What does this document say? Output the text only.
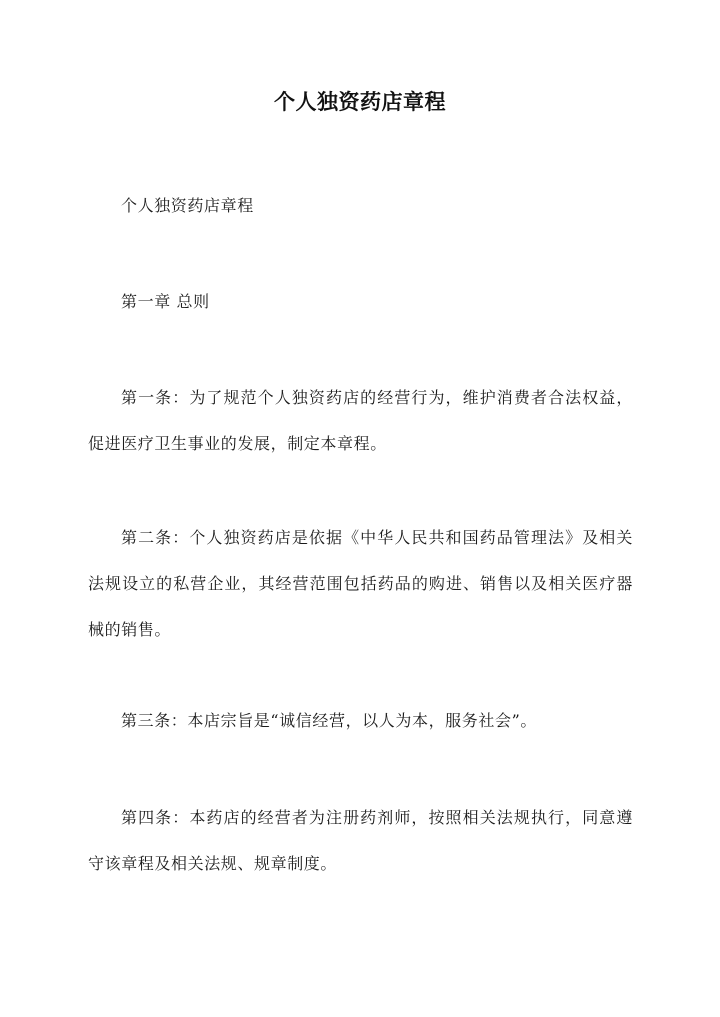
个人独资药店章程

个人独资药店章程

第一章 总则

第一条：为了规范个人独资药店的经营行为，维护消费者合法权益，促进医疗卫生事业的发展，制定本章程。

第二条：个人独资药店是依据《中华人民共和国药品管理法》及相关法规设立的私营企业，其经营范围包括药品的购进、销售以及相关医疗器械的销售。

第三条：本店宗旨是“诚信经营，以人为本，服务社会”。

第四条：本药店的经营者为注册药剂师，按照相关法规执行，同意遵守该章程及相关法规、规章制度。
